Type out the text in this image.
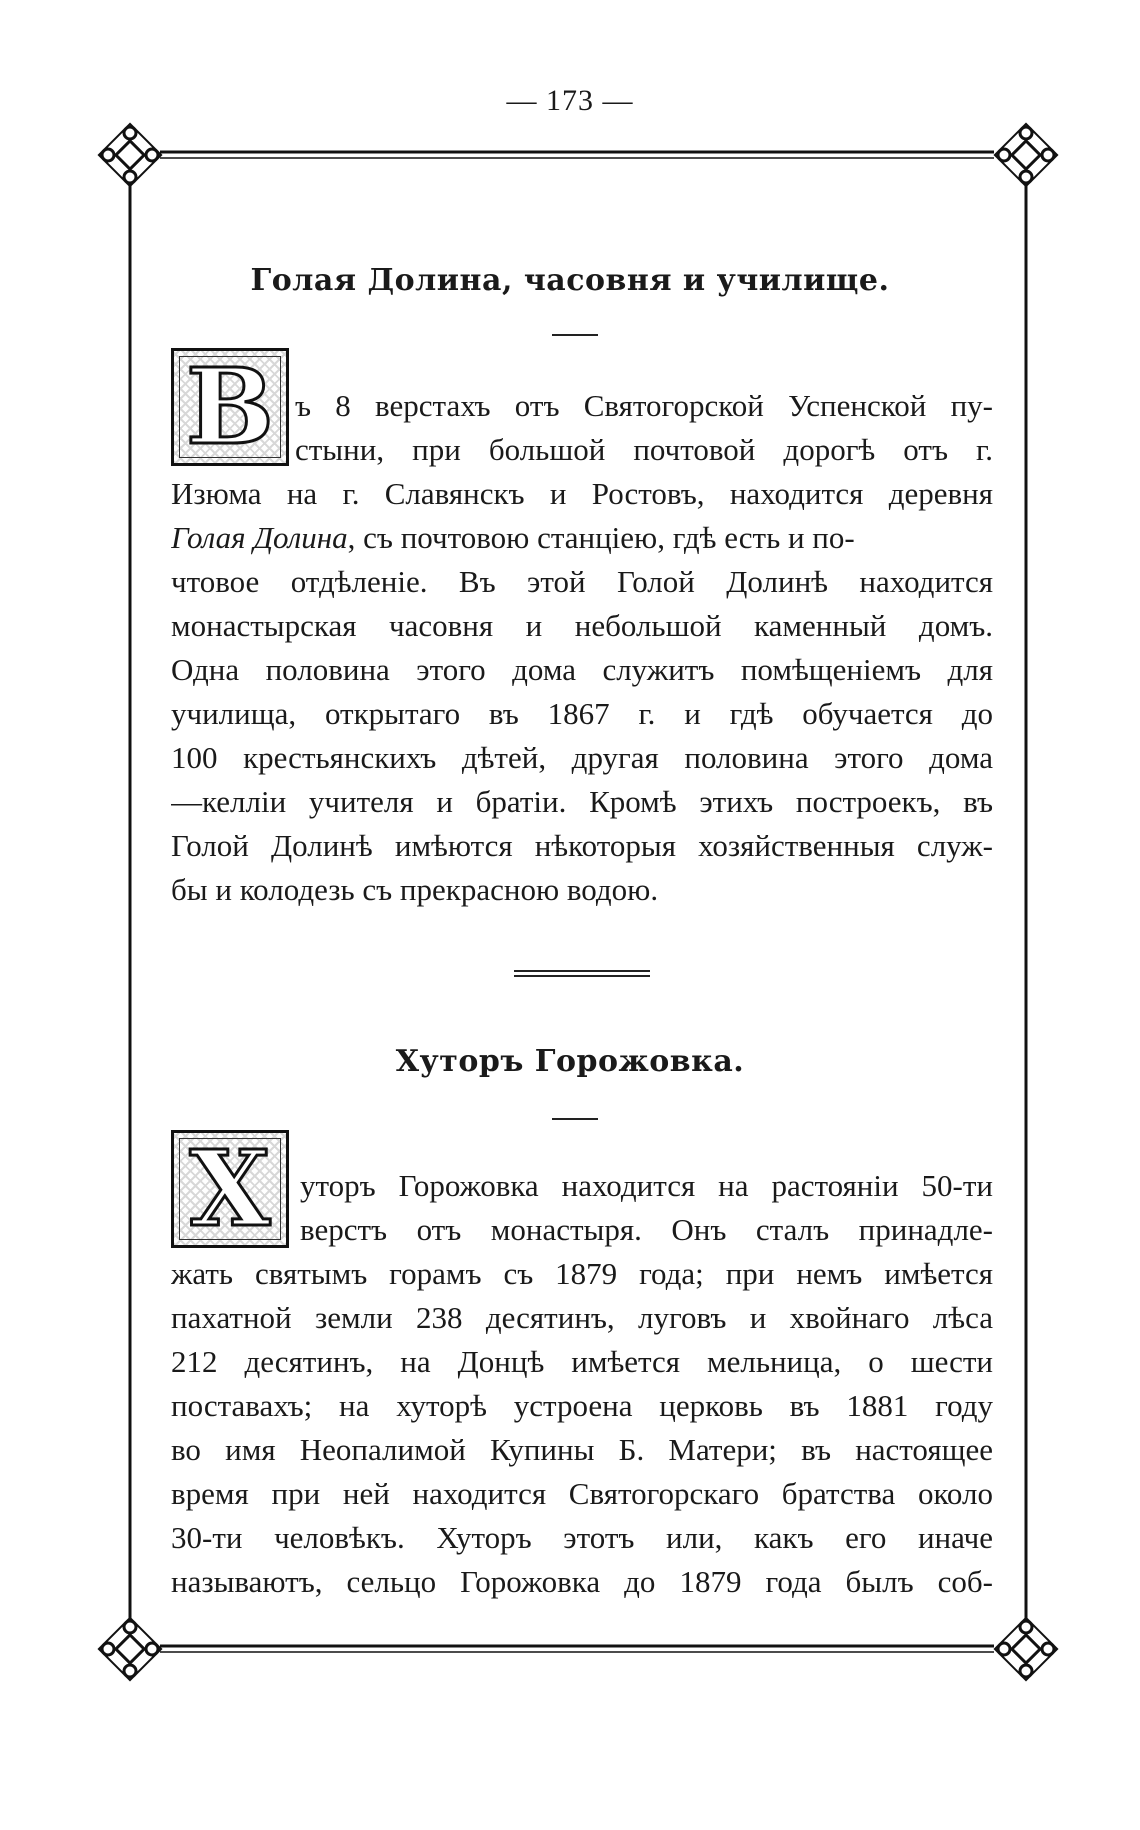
— 173 —
Голая Долина, часовня и училище.
В ъ 8 верстахъ отъ Святогорской Успенской пу-
стыни, при большой почтовой дорогѣ отъ г.
Изюма на г. Славянскъ и Ростовъ, находится деревня
Голая Долина, съ почтовою станціею, гдѣ есть и по-
чтовое отдѣленіе. Въ этой Голой Долинѣ находится
монастырская часовня и небольшой каменный домъ.
Одна половина этого дома служитъ помѣщеніемъ для
училища, открытаго въ 1867 г. и гдѣ обучается до
100 крестьянскихъ дѣтей, другая половина этого дома
—келліи учителя и братіи. Кромѣ этихъ построекъ, въ
Голой Долинѣ имѣются нѣкоторыя хозяйственныя служ-
бы и колодезь съ прекрасною водою.
Хуторъ Горожовка.
Х уторъ Горожовка находится на растояніи 50-ти
верстъ отъ монастыря. Онъ сталъ принадле-
жать святымъ горамъ съ 1879 года; при немъ имѣется
пахатной земли 238 десятинъ, луговъ и хвойнаго лѣса
212 десятинъ, на Донцѣ имѣется мельница, о шести
поставахъ; на хуторѣ устроена церковь въ 1881 году
во имя Неопалимой Купины Б. Матери; въ настоящее
время при ней находится Святогорскаго братства около
30-ти человѣкъ. Хуторъ этотъ или, какъ его иначе
называютъ, сельцо Горожовка до 1879 года былъ соб-
